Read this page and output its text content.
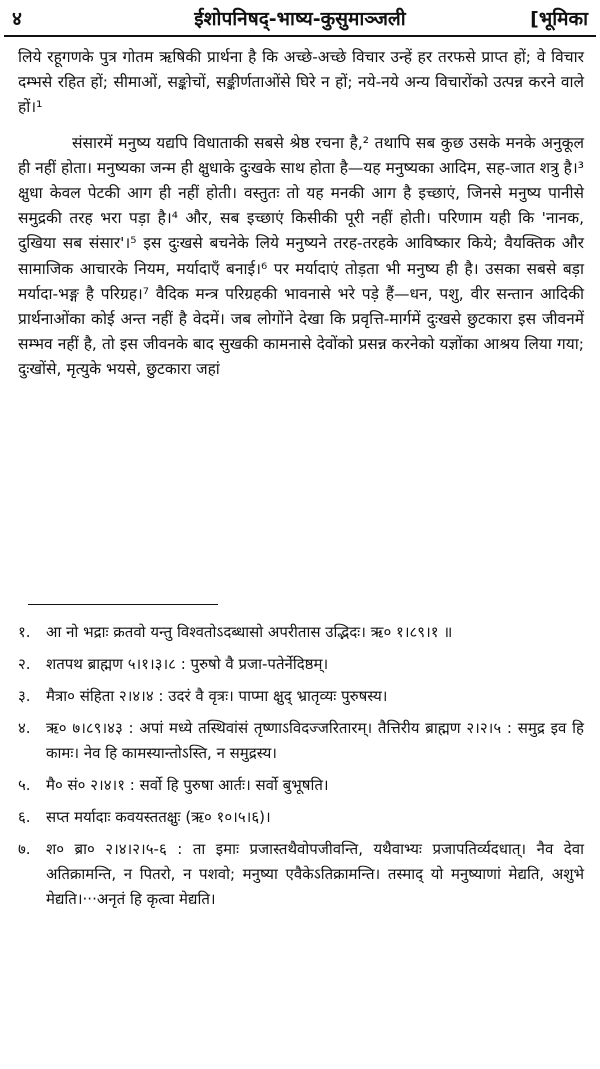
४	ईशोपनिषद्-भाष्य-कुसुमाञ्जली	[भूमिका

लिये रहूगणके पुत्र गोतम ऋषिकी प्रार्थना है कि अच्छे-अच्छे विचार उन्हें हर तरफसे प्राप्त हों; वे विचार दम्भसे रहित हों; सीमाओं, सङ्कोचों, सङ्कीर्णताओंसे घिरे न हों; नये-नये अन्य विचारोंको उत्पन्न करने वाले हों।¹

संसारमें मनुष्य यद्यपि विधाताकी सबसे श्रेष्ठ रचना है,² तथापि सब कुछ उसके मनके अनुकूल ही नहीं होता। मनुष्यका जन्म ही क्षुधाके दुःखके साथ होता है—यह मनुष्यका आदिम, सह-जात शत्रु है।³ क्षुधा केवल पेटकी आग ही नहीं होती। वस्तुतः तो यह मनकी आग है इच्छाएं, जिनसे मनुष्य पानीसे समुद्रकी तरह भरा पड़ा है।⁴ और, सब इच्छाएं किसीकी पूरी नहीं होती। परिणाम यही कि 'नानक, दुखिया सब संसार'।⁵ इस दुःखसे बचनेके लिये मनुष्यने तरह-तरहके आविष्कार किये; वैयक्तिक और सामाजिक आचारके नियम, मर्यादाएँ बनाई।⁶ पर मर्यादाएं तोड़ता भी मनुष्य ही है। उसका सबसे बड़ा मर्यादा-भङ्ग है परिग्रह।⁷ वैदिक मन्त्र परिग्रहकी भावनासे भरे पड़े हैं—धन, पशु, वीर सन्तान आदिकी प्रार्थनाओंका कोई अन्त नहीं है वेदमें। जब लोगोंने देखा कि प्रवृत्ति-मार्गमें दुःखसे छुटकारा इस जीवनमें सम्भव नहीं है, तो इस जीवनके बाद सुखकी कामनासे देवोंको प्रसन्न करनेको यज्ञोंका आश्रय लिया गया; दुःखोंसे, मृत्युके भयसे, छुटकारा जहां

१.	आ नो भद्राः क्रतवो यन्तु विश्वतोऽदब्धासो अपरीतास उद्भिदः। ऋ० १।८९।१ ॥
२.	शतपथ ब्राह्मण ५।१।३।८ : पुरुषो वै प्रजा-पतेर्नेदिष्ठम्।
३.	मैत्रा० संहिता २।४।४ : उदरं वै वृत्रः। पाप्मा क्षुद् भ्रातृव्यः पुरुषस्य।
४.	ऋ० ७।८९।४३ : अपां मध्ये तस्थिवांसं तृष्णाऽविदज्जरितारम्। तैत्तिरीय ब्राह्मण २।२।५ : समुद्र इव हि कामः। नेव हि कामस्यान्तोऽस्ति, न समुद्रस्य।
५.	मै० सं० २।४।१ : सर्वो हि पुरुषा आर्तः। सर्वो बुभूषति।
६.	सप्त मर्यादाः कवयस्ततक्षुः (ऋ० १०।५।६)।
७.	श० ब्रा० २।४।२।५-६ : ता इमाः प्रजास्तथैवोपजीवन्ति, यथैवाभ्यः प्रजापतिर्व्यदधात्। नैव देवा अतिक्रामन्ति, न पितरो, न पशवो; मनुष्या एवैकेऽतिक्रामन्ति। तस्माद् यो मनुष्याणां मेद्यति, अशुभे मेद्यति।···अनृतं हि कृत्वा मेद्यति।
